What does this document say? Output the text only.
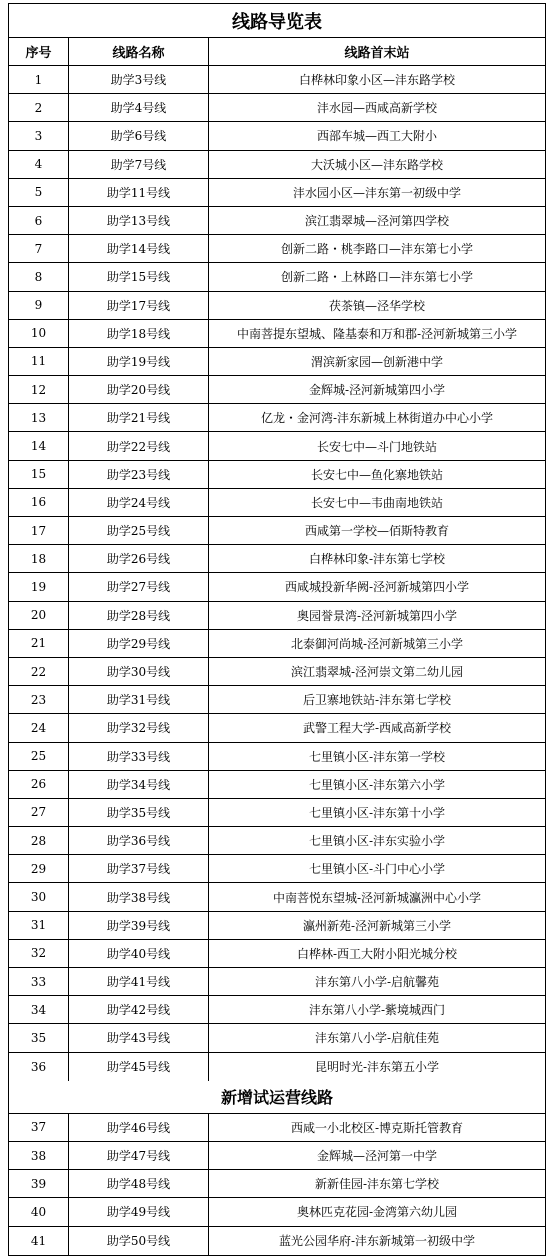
线路导览表
序号	线路名称	线路首末站
1	助学3号线	白桦林印象小区—沣东路学校
2	助学4号线	沣水园—西咸高新学校
3	助学6号线	西部车城—西工大附小
4	助学7号线	大沃城小区—沣东路学校
5	助学11号线	沣水园小区—沣东第一初级中学
6	助学13号线	滨江翡翠城—泾河第四学校
7	助学14号线	创新二路・桃李路口—沣东第七小学
8	助学15号线	创新二路・上林路口—沣东第七小学
9	助学17号线	茯茶镇—泾华学校
10	助学18号线	中南菩提东望城、隆基泰和万和郡-泾河新城第三小学
11	助学19号线	渭滨新家园—创新港中学
12	助学20号线	金辉城-泾河新城第四小学
13	助学21号线	亿龙・金河湾-沣东新城上林街道办中心小学
14	助学22号线	长安七中—斗门地铁站
15	助学23号线	长安七中—鱼化寨地铁站
16	助学24号线	长安七中—韦曲南地铁站
17	助学25号线	西咸第一学校—佰斯特教育
18	助学26号线	白桦林印象-沣东第七学校
19	助学27号线	西咸城投新华阙-泾河新城第四小学
20	助学28号线	奥园誉景湾-泾河新城第四小学
21	助学29号线	北泰御河尚城-泾河新城第三小学
22	助学30号线	滨江翡翠城-泾河崇文第二幼儿园
23	助学31号线	后卫寨地铁站-沣东第七学校
24	助学32号线	武警工程大学-西咸高新学校
25	助学33号线	七里镇小区-沣东第一学校
26	助学34号线	七里镇小区-沣东第六小学
27	助学35号线	七里镇小区-沣东第十小学
28	助学36号线	七里镇小区-沣东实验小学
29	助学37号线	七里镇小区-斗门中心小学
30	助学38号线	中南菩悦东望城-泾河新城瀛洲中心小学
31	助学39号线	瀛州新苑-泾河新城第三小学
32	助学40号线	白桦林-西工大附小阳光城分校
33	助学41号线	沣东第八小学-启航馨苑
34	助学42号线	沣东第八小学-紫境城西门
35	助学43号线	沣东第八小学-启航佳苑
36	助学45号线	昆明时光-沣东第五小学
新增试运营线路
37	助学46号线	西咸一小北校区-博克斯托管教育
38	助学47号线	金辉城—泾河第一中学
39	助学48号线	新新佳园-沣东第七学校
40	助学49号线	奥林匹克花园-金湾第六幼儿园
41	助学50号线	蓝光公园华府-沣东新城第一初级中学
